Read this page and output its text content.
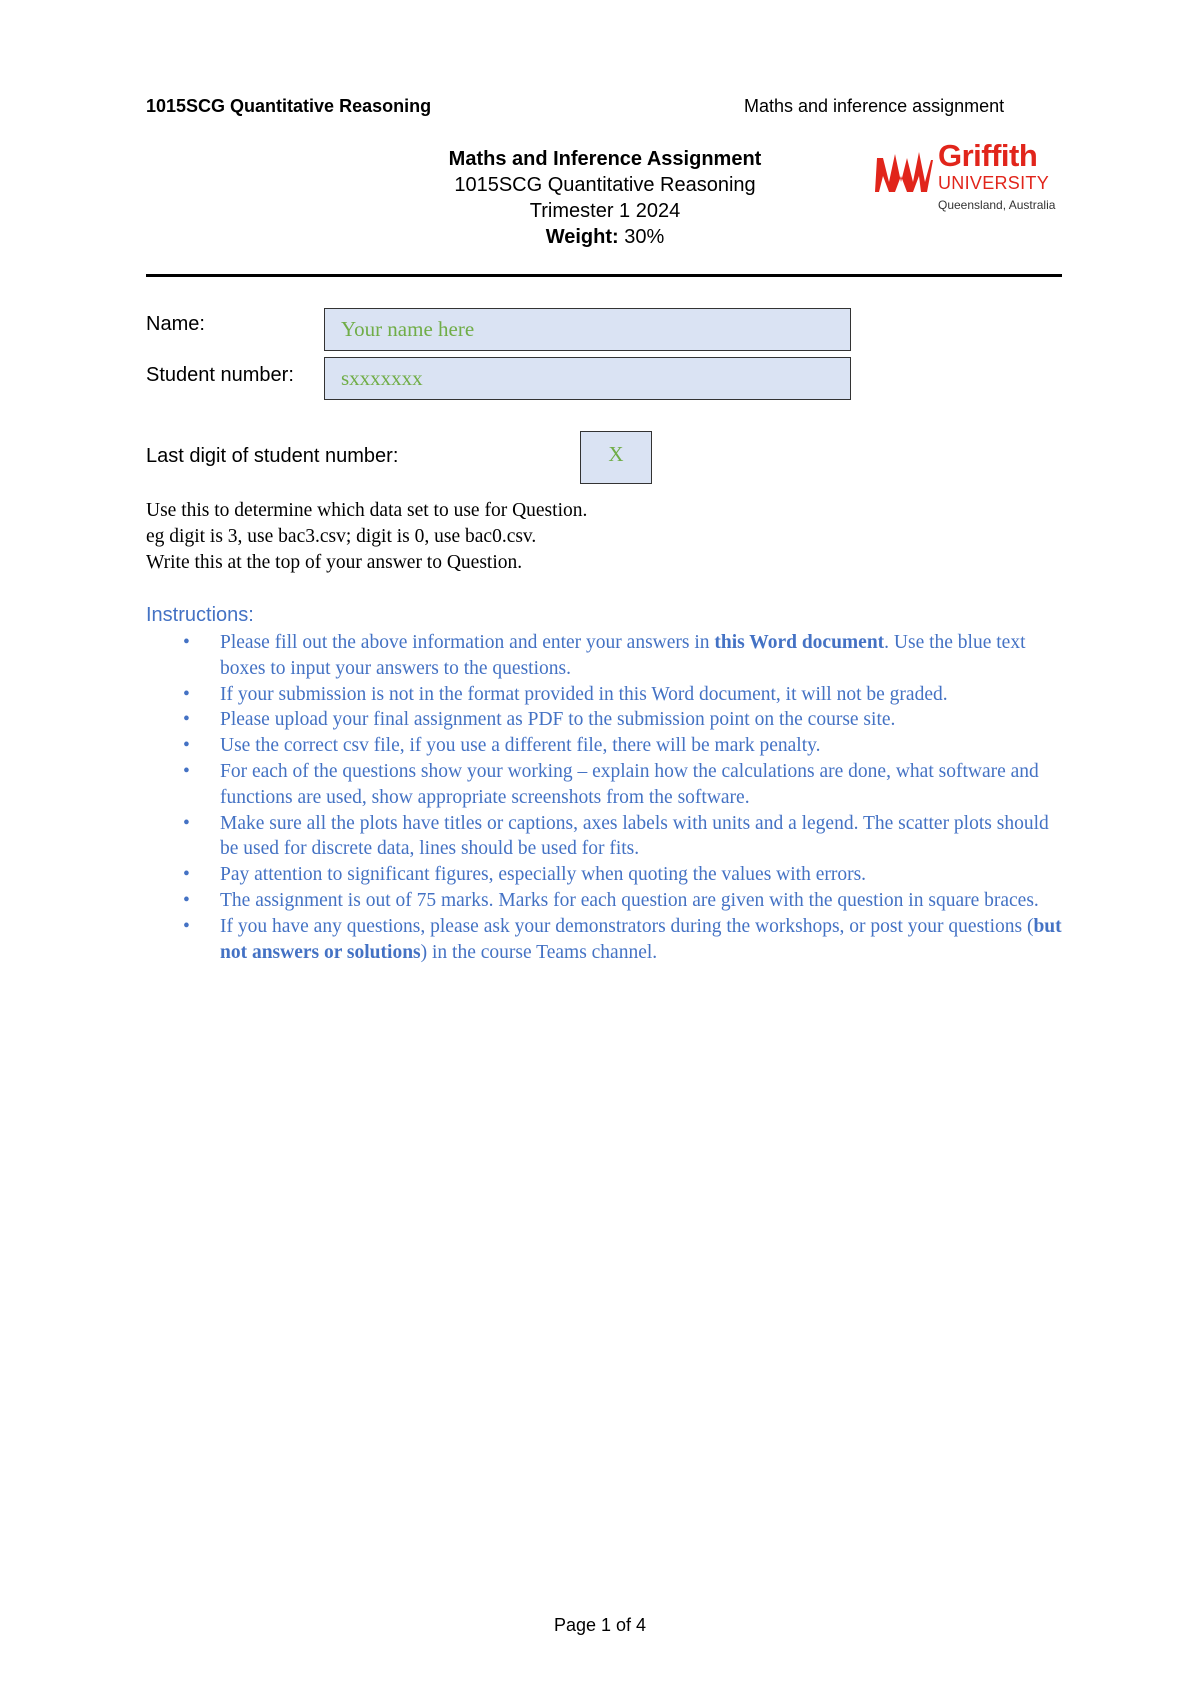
1015SCG Quantitative Reasoning	Maths and inference assignment
Maths and Inference Assignment
1015SCG Quantitative Reasoning
Trimester 1 2024
Weight: 30%
Griffith
UNIVERSITY
Queensland, Australia
Name:	Your name here
Student number:	sxxxxxxx
Last digit of student number:	X
Use this to determine which data set to use for Question.
eg digit is 3, use bac3.csv; digit is 0, use bac0.csv.
Write this at the top of your answer to Question.
Instructions:
• Please fill out the above information and enter your answers in this Word document. Use the blue text boxes to input your answers to the questions.
• If your submission is not in the format provided in this Word document, it will not be graded.
• Please upload your final assignment as PDF to the submission point on the course site.
• Use the correct csv file, if you use a different file, there will be mark penalty.
• For each of the questions show your working – explain how the calculations are done, what software and functions are used, show appropriate screenshots from the software.
• Make sure all the plots have titles or captions, axes labels with units and a legend. The scatter plots should be used for discrete data, lines should be used for fits.
• Pay attention to significant figures, especially when quoting the values with errors.
• The assignment is out of 75 marks. Marks for each question are given with the question in square braces.
• If you have any questions, please ask your demonstrators during the workshops, or post your questions (but not answers or solutions) in the course Teams channel.
Page 1 of 4
